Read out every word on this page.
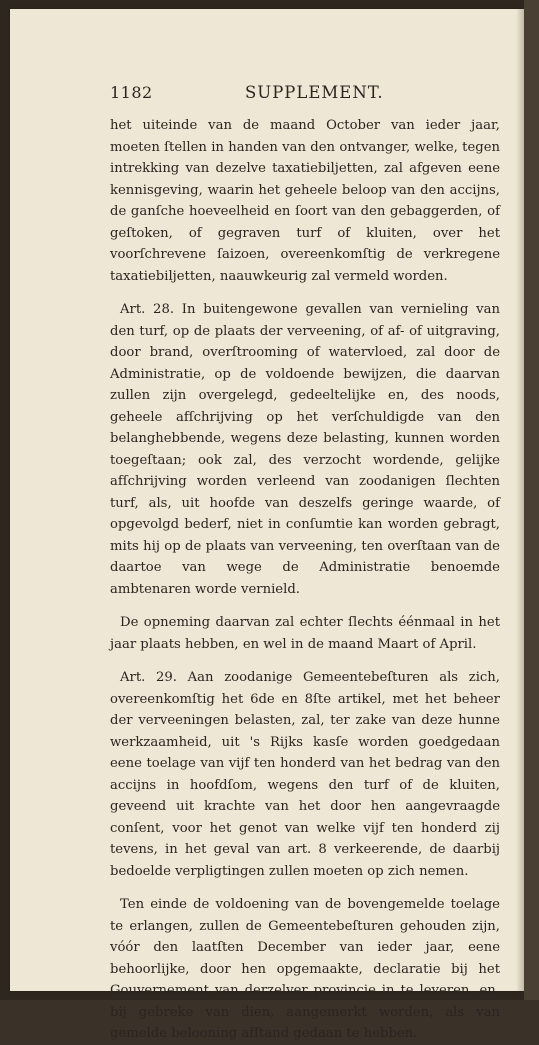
1182	SUPPLEMENT.

het uiteinde van de maand October van ieder jaar, moeten ſtellen in handen van den ontvanger, welke, tegen intrekking van dezelve taxatiebiljetten, zal afgeven eene kennisgeving, waarin het geheele beloop van den accijns, de ganſche hoeveelheid en ſoort van den gebaggerden, of geſtoken, of gegraven turf of kluiten, over het voorſchrevene ſaizoen, overeenkomſtig de verkregene taxatiebiljetten, naauwkeurig zal vermeld worden.

Art. 28. In buitengewone gevallen van vernieling van den turf, op de plaats der verveening, of af- of uitgraving, door brand, overſtrooming of watervloed, zal door de Administratie, op de voldoende bewijzen, die daarvan zullen zijn overgelegd, gedeeltelijke en, des noods, geheele afſchrijving op het verſchuldigde van den belanghebbende, wegens deze belasting, kunnen worden toegeſtaan; ook zal, des verzocht wordende, gelijke afſchrijving worden verleend van zoodanigen ſlechten turf, als, uit hoofde van deszelfs geringe waarde, of opgevolgd bederf, niet in conſumtie kan worden gebragt, mits hij op de plaats van verveening, ten overſtaan van de daartoe van wege de Administratie benoemde ambtenaren worde vernield.

De opneming daarvan zal echter ſlechts éénmaal in het jaar plaats hebben, en wel in de maand Maart of April.

Art. 29. Aan zoodanige Gemeentebeſturen als zich, overeenkomſtig het 6de en 8ſte artikel, met het beheer der verveeningen belasten, zal, ter zake van deze hunne werkzaamheid, uit 's Rijks kasſe worden goedgedaan eene toelage van vijf ten honderd van het bedrag van den accijns in hoofdſom, wegens den turf of de kluiten, geveend uit krachte van het door hen aangevraagde conſent, voor het genot van welke vijf ten honderd zij tevens, in het geval van art. 8 verkeerende, de daarbij bedoelde verpligtingen zullen moeten op zich nemen.

Ten einde de voldoening van de bovengemelde toelage te erlangen, zullen de Gemeentebeſturen gehouden zijn, vóór den laatſten December van ieder jaar, eene behoorlijke, door hen opgemaakte, declaratie bij het Gouvernement van derzelver provincie in te leveren, en, bij gebreke van dien, aangemerkt worden, als van gemelde belooning afſtand gedaan te hebben.
